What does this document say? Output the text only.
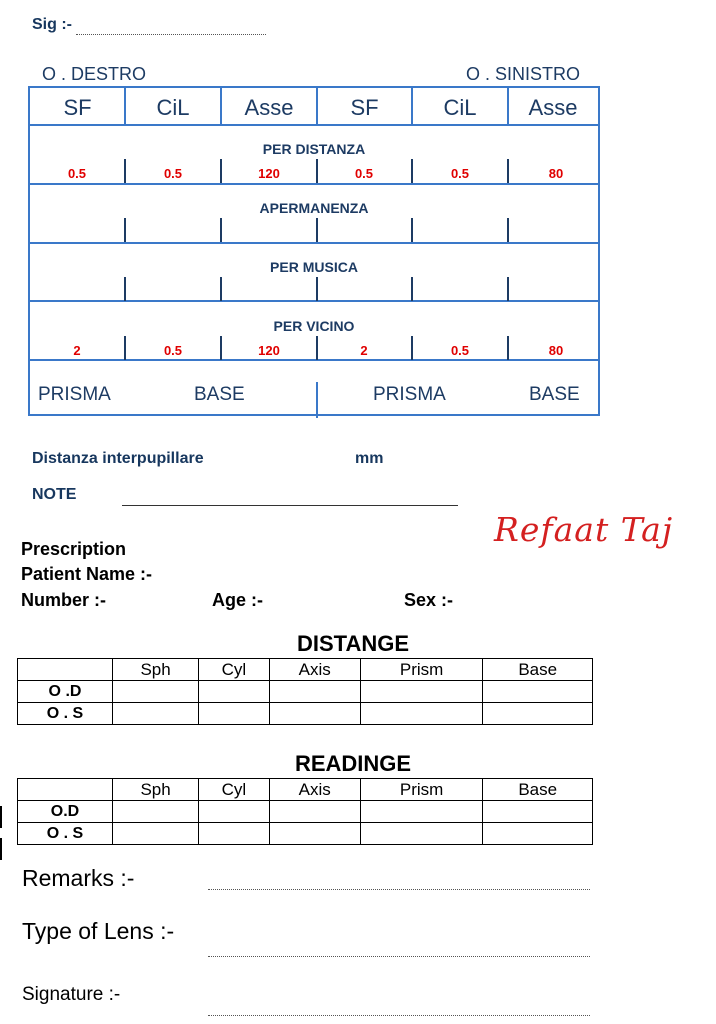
Sig :-
O . DESTRO	O . SINISTRO
SF	CiL	Asse	SF	CiL	Asse
PER DISTANZA
0.5	0.5	120	0.5	0.5	80
APERMANENZA
PER MUSICA
PER VICINO
2	0.5	120	2	0.5	80
PRISMA	BASE	PRISMA	BASE
Distanza interpupillare	mm
NOTE
Refaat Taj
Prescription
Patient Name :-
Number :-	Age :-	Sex :-
DISTANGE
	Sph	Cyl	Axis	Prism	Base
O .D					
O . S					
READINGE
	Sph	Cyl	Axis	Prism	Base
O.D					
O . S					
Remarks :-
Type of Lens :-
Signature :-
